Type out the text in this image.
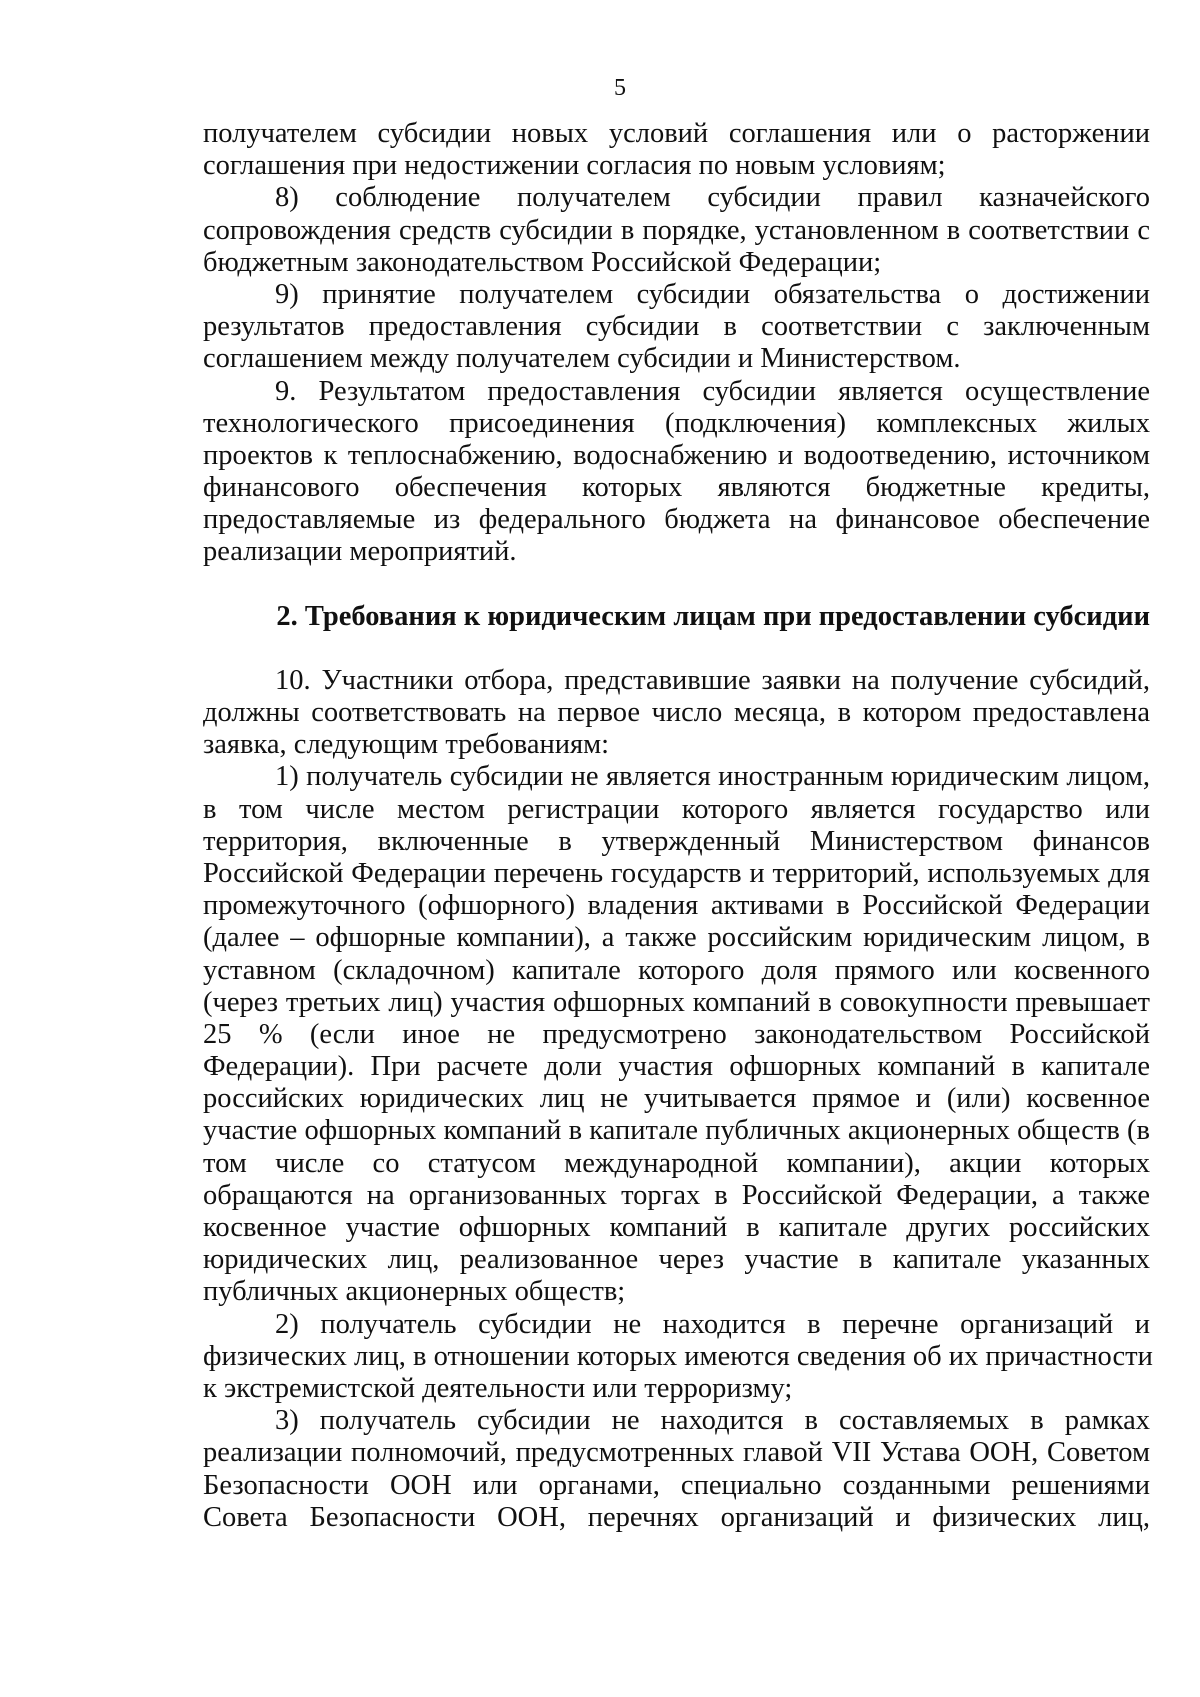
5
получателем субсидии новых условий соглашения или о расторжении
соглашения при недостижении согласия по новым условиям;
8) соблюдение получателем субсидии правил казначейского
сопровождения средств субсидии в порядке, установленном в соответствии с
бюджетным законодательством Российской Федерации;
9) принятие получателем субсидии обязательства о достижении
результатов предоставления субсидии в соответствии с заключенным
соглашением между получателем субсидии и Министерством.
9. Результатом предоставления субсидии является осуществление
технологического присоединения (подключения) комплексных жилых
проектов к теплоснабжению, водоснабжению и водоотведению, источником
финансового обеспечения которых являются бюджетные кредиты,
предоставляемые из федерального бюджета на финансовое обеспечение
реализации мероприятий.
2. Требования к юридическим лицам при предоставлении субсидии
10. Участники отбора, представившие заявки на получение субсидий,
должны соответствовать на первое число месяца, в котором предоставлена
заявка, следующим требованиям:
1) получатель субсидии не является иностранным юридическим лицом,
в том числе местом регистрации которого является государство или
территория, включенные в утвержденный Министерством финансов
Российской Федерации перечень государств и территорий, используемых для
промежуточного (офшорного) владения активами в Российской Федерации
(далее – офшорные компании), а также российским юридическим лицом, в
уставном (складочном) капитале которого доля прямого или косвенного
(через третьих лиц) участия офшорных компаний в совокупности превышает
25 % (если иное не предусмотрено законодательством Российской
Федерации). При расчете доли участия офшорных компаний в капитале
российских юридических лиц не учитывается прямое и (или) косвенное
участие офшорных компаний в капитале публичных акционерных обществ (в
том числе со статусом международной компании), акции которых
обращаются на организованных торгах в Российской Федерации, а также
косвенное участие офшорных компаний в капитале других российских
юридических лиц, реализованное через участие в капитале указанных
публичных акционерных обществ;
2) получатель субсидии не находится в перечне организаций и
физических лиц, в отношении которых имеются сведения об их причастности
к экстремистской деятельности или терроризму;
3) получатель субсидии не находится в составляемых в рамках
реализации полномочий, предусмотренных главой VII Устава ООН, Советом
Безопасности ООН или органами, специально созданными решениями
Совета Безопасности ООН, перечнях организаций и физических лиц,
